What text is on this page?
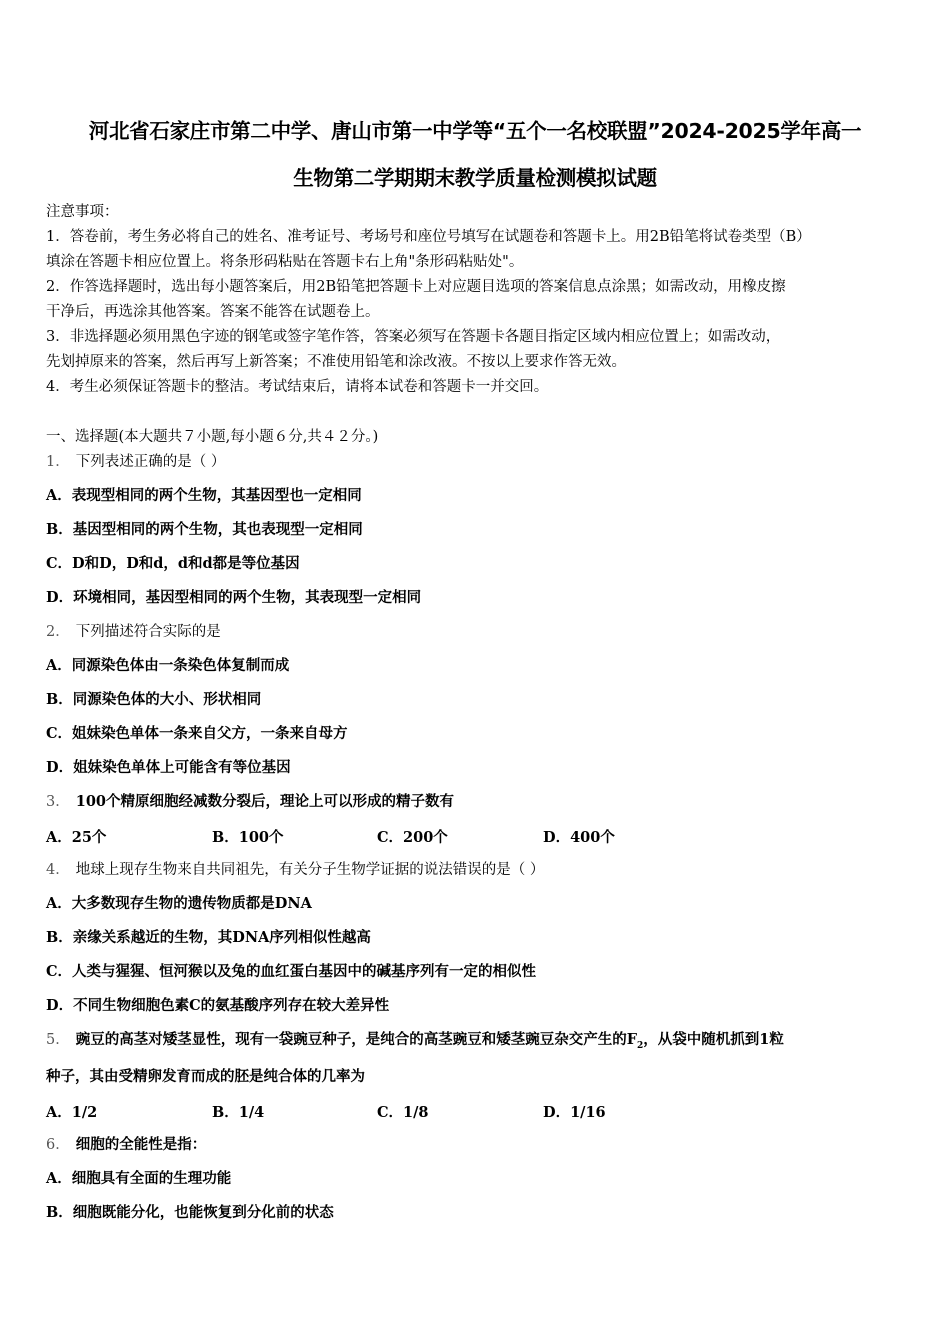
河北省石家庄市第二中学、唐山市第一中学等“五个一名校联盟”2024-2025学年高一
生物第二学期期末教学质量检测模拟试题
注意事项：
1．答卷前，考生务必将自己的姓名、准考证号、考场号和座位号填写在试题卷和答题卡上。用2B铅笔将试卷类型（B）
填涂在答题卡相应位置上。将条形码粘贴在答题卡右上角"条形码粘贴处"。
2．作答选择题时，选出每小题答案后，用2B铅笔把答题卡上对应题目选项的答案信息点涂黑；如需改动，用橡皮擦
干净后，再选涂其他答案。答案不能答在试题卷上。
3．非选择题必须用黑色字迹的钢笔或签字笔作答，答案必须写在答题卡各题目指定区域内相应位置上；如需改动，
先划掉原来的答案，然后再写上新答案；不准使用铅笔和涂改液。不按以上要求作答无效。
4．考生必须保证答题卡的整洁。考试结束后，请将本试卷和答题卡一并交回。
一、选择题(本大题共７小题,每小题６分,共４２分。)
1． 下列表述正确的是（ ）
A．表现型相同的两个生物，其基因型也一定相同
B．基因型相同的两个生物，其也表现型一定相同
C．D和D，D和d，d和d都是等位基因
D．环境相同，基因型相同的两个生物，其表现型一定相同
2． 下列描述符合实际的是
A．同源染色体由一条染色体复制而成
B．同源染色体的大小、形状相同
C．姐妹染色单体一条来自父方，一条来自母方
D．姐妹染色单体上可能含有等位基因
3． 100个精原细胞经减数分裂后，理论上可以形成的精子数有
A．25个	B．100个	C．200个	D．400个
4． 地球上现存生物来自共同祖先，有关分子生物学证据的说法错误的是（ ）
A．大多数现存生物的遗传物质都是DNA
B．亲缘关系越近的生物，其DNA序列相似性越高
C．人类与猩猩、恒河猴以及兔的血红蛋白基因中的碱基序列有一定的相似性
D．不同生物细胞色素C的氨基酸序列存在较大差异性
5． 豌豆的高茎对矮茎显性，现有一袋豌豆种子，是纯合的高茎豌豆和矮茎豌豆杂交产生的$F_2$，从袋中随机抓到1粒
种子，其由受精卵发育而成的胚是纯合体的几率为
A．1/2	B．1/4	C．1/8	D．1/16
6． 细胞的全能性是指：
A．细胞具有全面的生理功能
B．细胞既能分化，也能恢复到分化前的状态
